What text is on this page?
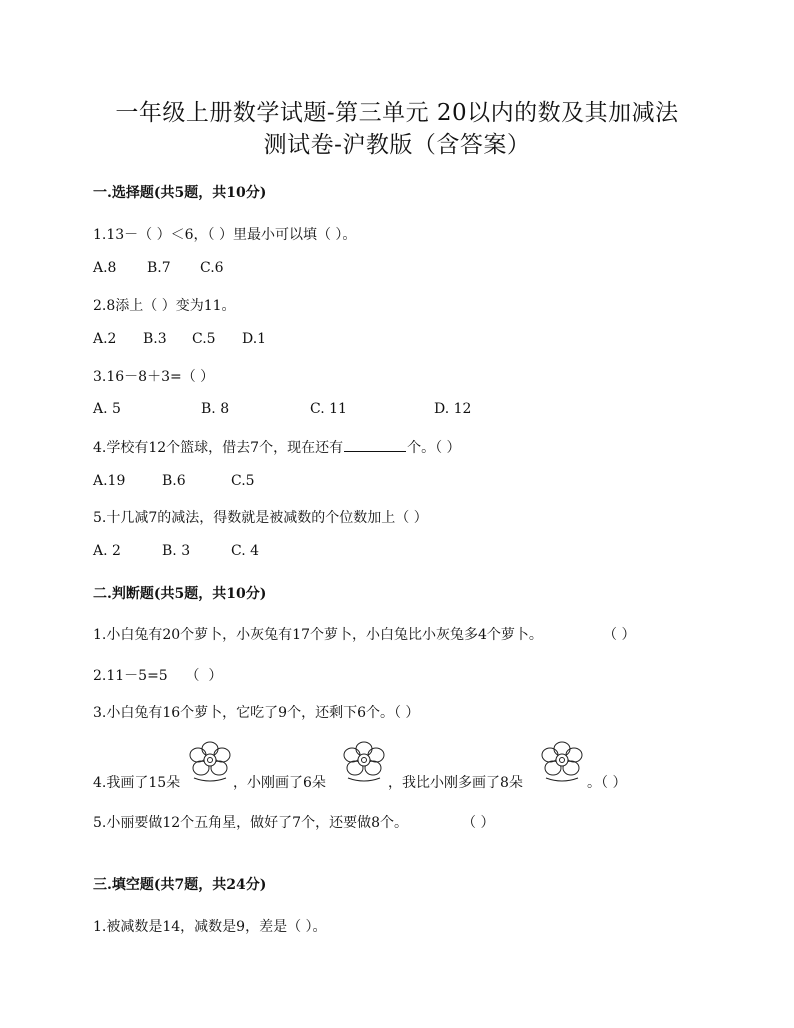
一年级上册数学试题-第三单元 20以内的数及其加减法
测试卷-沪教版（含答案）
一.选择题(共5题，共10分)
1.13－（ ）＜6，（ ）里最小可以填（ ）。
A.8 B.7 C.6
2.8添上（ ）变为11。
A.2 B.3 C.5 D.1
3.16－8＋3=（ ）
A. 5	B. 8	C. 11	D. 12
4.学校有12个篮球，借去7个，现在还有	个。（ ）
A.19	B.6	C.5
5.十几减7的减法，得数就是被减数的个位数加上（ ）
A. 2	B. 3	C. 4
二.判断题(共5题，共10分)
1.小白兔有20个萝卜，小灰兔有17个萝卜，小白兔比小灰兔多4个萝卜。	（ ）
2.11－5=5    （  ）
3.小白兔有16个萝卜，它吃了9个，还剩下6个。（ ）
4.我画了15朵	，小刚画了6朵	，我比小刚多画了8朵	。（ ）
5.小丽要做12个五角星，做好了7个，还要做8个。	（ ）
三.填空题(共7题，共24分)
1.被减数是14，减数是9，差是（ ）。
